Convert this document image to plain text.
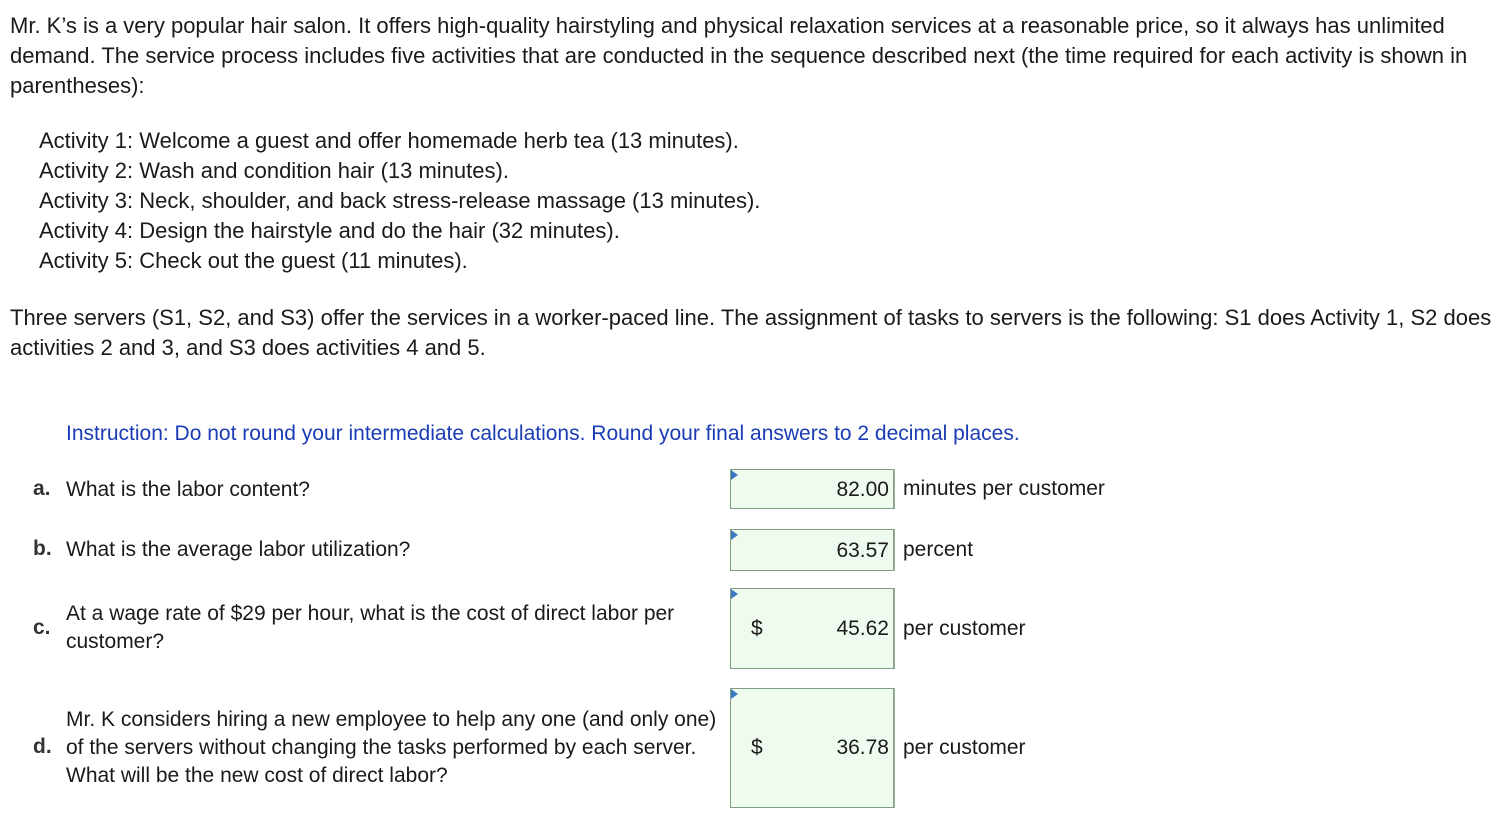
Mr. K’s is a very popular hair salon. It offers high-quality hairstyling and physical relaxation services at a reasonable price, so it always has unlimited demand. The service process includes five activities that are conducted in the sequence described next (the time required for each activity is shown in parentheses):

Activity 1: Welcome a guest and offer homemade herb tea (13 minutes).
Activity 2: Wash and condition hair (13 minutes).
Activity 3: Neck, shoulder, and back stress-release massage (13 minutes).
Activity 4: Design the hairstyle and do the hair (32 minutes).
Activity 5: Check out the guest (11 minutes).

Three servers (S1, S2, and S3) offer the services in a worker-paced line. The assignment of tasks to servers is the following: S1 does Activity 1, S2 does activities 2 and 3, and S3 does activities 4 and 5.

Instruction: Do not round your intermediate calculations. Round your final answers to 2 decimal places.
a. What is the labor content?	82.00 minutes per customer
b. What is the average labor utilization?	63.57 percent
c.
At a wage rate of $29 per hour, what is the cost of direct labor per customer?
$	45.62 per customer
d.
Mr. K considers hiring a new employee to help any one (and only one) of the servers without changing the tasks performed by each server. What will be the new cost of direct labor?
$	36.78 per customer
